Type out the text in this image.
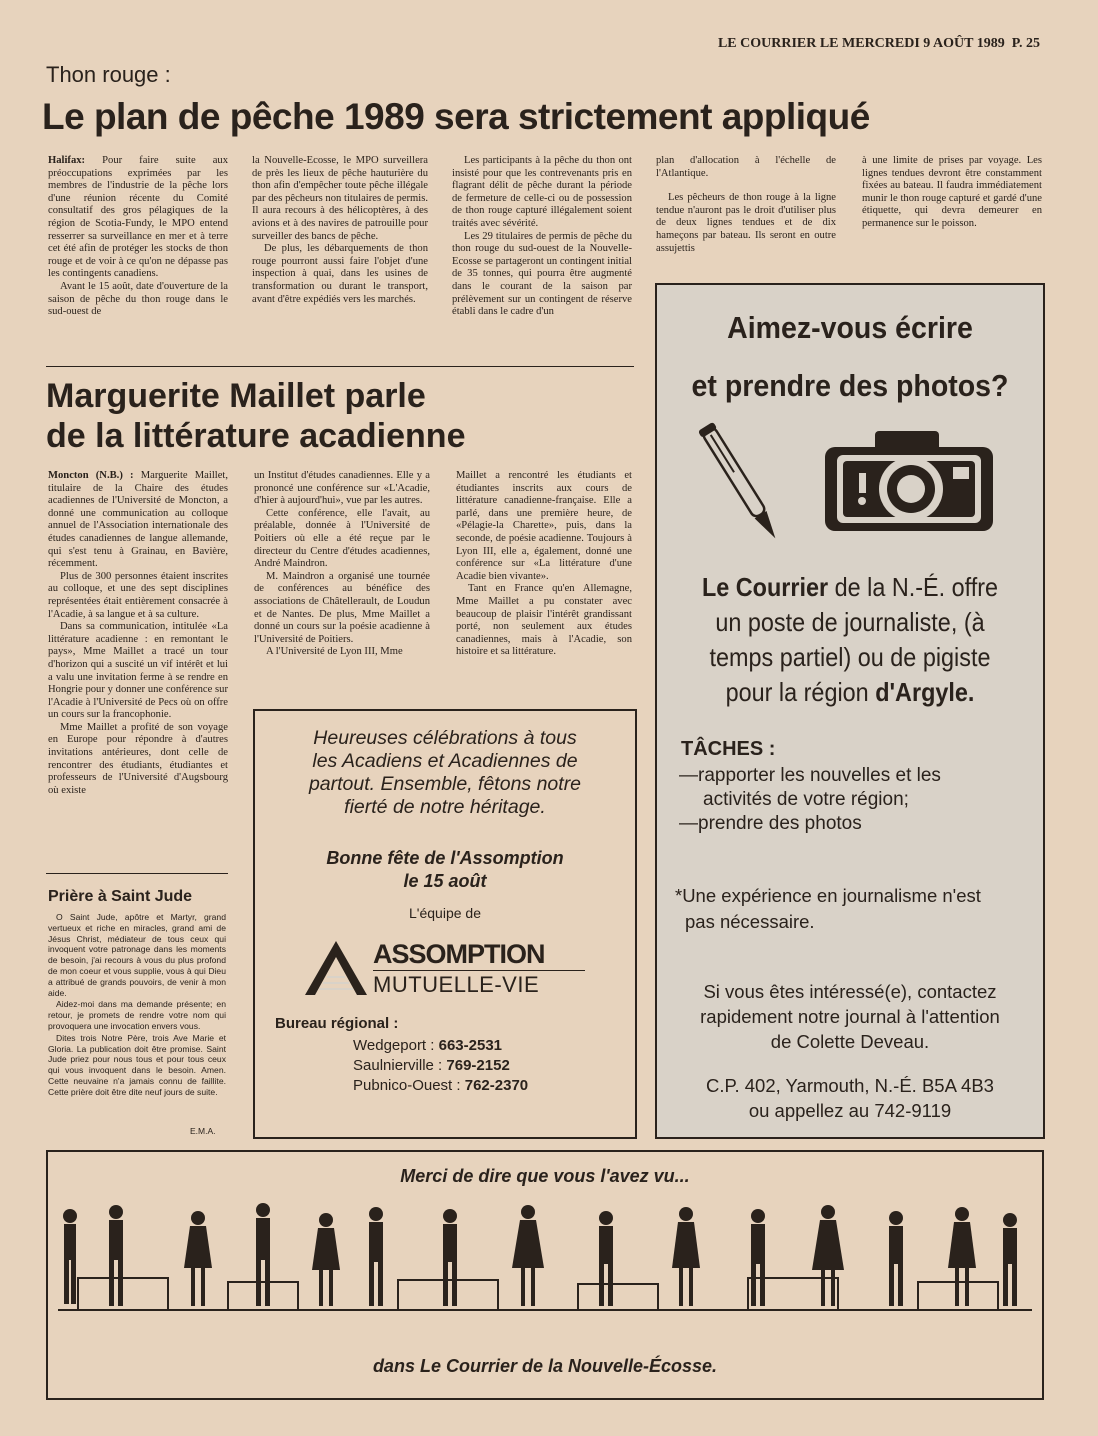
LE COURRIER LE MERCREDI 9 AOÛT 1989 P. 25
Thon rouge :
Le plan de pêche 1989 sera strictement appliqué

Halifax: Pour faire suite aux préoccupations exprimées par les membres de l'industrie de la pêche lors d'une réunion récente du Comité consultatif des gros pélagiques de la région de Scotia-Fundy, le MPO entend resserrer sa surveillance en mer et à terre cet été afin de protéger les stocks de thon rouge et de voir à ce qu'on ne dépasse pas les contingents canadiens.

Avant le 15 août, date d'ouverture de la saison de pêche du thon rouge dans le sud-ouest de

la Nouvelle-Ecosse, le MPO surveillera de près les lieux de pêche hauturière du thon afin d'empêcher toute pêche illégale par des pêcheurs non titulaires de permis. Il aura recours à des hélicoptères, à des avions et à des navires de patrouille pour surveiller des bancs de pêche.

De plus, les débarquements de thon rouge pourront aussi faire l'objet d'une inspection à quai, dans les usines de transformation ou durant le transport, avant d'être expédiés vers les marchés.

Les participants à la pêche du thon ont insisté pour que les contrevenants pris en flagrant délit de pêche durant la période de fermeture de celle-ci ou de possession de thon rouge capturé illégalement soient traités avec sévérité.

Les 29 titulaires de permis de pêche du thon rouge du sud-ouest de la Nouvelle-Ecosse se partageront un contingent initial de 35 tonnes, qui pourra être augmenté dans le courant de la saison par prélèvement sur un contingent de réserve établi dans le cadre d'un

plan d'allocation à l'échelle de l'Atlantique.

Les pêcheurs de thon rouge à la ligne tendue n'auront pas le droit d'utiliser plus de deux lignes tendues et de dix hameçons par bateau. Ils seront en outre assujettis

à une limite de prises par voyage. Les lignes tendues devront être constamment fixées au bateau. Il faudra immédiatement munir le thon rouge capturé et gardé d'une étiquette, qui devra demeurer en permanence sur le poisson.

Marguerite Maillet parle
de la littérature acadienne

Moncton (N.B.) : Marguerite Maillet, titulaire de la Chaire des études acadiennes de l'Université de Moncton, a donné une communication au colloque annuel de l'Association internationale des études canadiennes de langue allemande, qui s'est tenu à Grainau, en Bavière, récemment.

Plus de 300 personnes étaient inscrites au colloque, et une des sept disciplines représentées était entièrement consacrée à l'Acadie, à sa langue et à sa culture.

Dans sa communication, intitulée «La littérature acadienne : en remontant le pays», Mme Maillet a tracé un tour d'horizon qui a suscité un vif intérêt et lui a valu une invitation ferme à se rendre en Hongrie pour y donner une conférence sur l'Acadie à l'Université de Pecs où on offre un cours sur la francophonie.

Mme Maillet a profité de son voyage en Europe pour répondre à d'autres invitations antérieures, dont celle de rencontrer des étudiants, étudiantes et professeurs de l'Université d'Augsbourg où existe

un Institut d'études canadiennes. Elle y a prononcé une conférence sur «L'Acadie, d'hier à aujourd'hui», vue par les autres.

Cette conférence, elle l'avait, au préalable, donnée à l'Université de Poitiers où elle a été reçue par le directeur du Centre d'études acadiennes, André Maindron.

M. Maindron a organisé une tournée de conférences au bénéfice des associations de Châtellerault, de Loudun et de Nantes. De plus, Mme Maillet a donné un cours sur la poésie acadienne à l'Université de Poitiers.

A l'Université de Lyon III, Mme

Maillet a rencontré les étudiants et étudiantes inscrits aux cours de littérature canadienne-française. Elle a parlé, dans une première heure, de «Pélagie-la Charette», puis, dans la seconde, de poésie acadienne. Toujours à Lyon III, elle a, également, donné une conférence sur «La littérature d'une Acadie bien vivante».

Tant en France qu'en Allemagne, Mme Maillet a pu constater avec beaucoup de plaisir l'intérêt grandissant porté, non seulement aux études canadiennes, mais à l'Acadie, son histoire et sa littérature.

Prière à Saint Jude

O Saint Jude, apôtre et Martyr, grand vertueux et riche en miracles, grand ami de Jésus Christ, médiateur de tous ceux qui invoquent votre patronage dans les moments de besoin, j'ai recours à vous du plus profond de mon coeur et vous supplie, vous à qui Dieu a attribué de grands pouvoirs, de venir à mon aide.

Aidez-moi dans ma demande présente; en retour, je promets de rendre votre nom qui provoquera une invocation envers vous.

Dites trois Notre Père, trois Ave Marie et Gloria. La publication doit être promise. Saint Jude priez pour nous tous et pour tous ceux qui vous invoquent dans le besoin. Amen. Cette neuvaine n'a jamais connu de faillite. Cette prière doit être dite neuf jours de suite.

E.M.A.
Heureuses célébrations à tous
les Acadiens et Acadiennes de
partout. Ensemble, fêtons notre
fierté de notre héritage.
Bonne fête de l'Assomption
le 15 août
L'équipe de
ASSOMPTION
MUTUELLE-VIE
Bureau régional :
Wedgeport : 663-2531
Saulnierville : 769-2152
Pubnico-Ouest : 762-2370
Aimez-vous écrire
et prendre des photos?
Le Courrier de la N.-É. offre
un poste de journaliste, (à
temps partiel) ou de pigiste
pour la région d'Argyle.
TÂCHES :
—rapporter les nouvelles et les
activités de votre région;
—prendre des photos
*Une expérience en journalisme n'est
pas nécessaire.
Si vous êtes intéressé(e), contactez
rapidement notre journal à l'attention
de Colette Deveau.
C.P. 402, Yarmouth, N.-É. B5A 4B3
ou appellez au 742-9119
Merci de dire que vous l'avez vu...
dans Le Courrier de la Nouvelle-Écosse.
